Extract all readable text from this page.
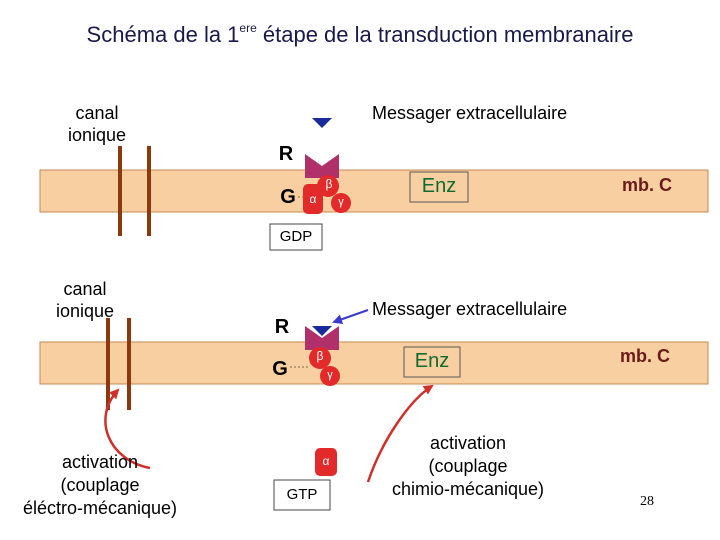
Schéma de la 1ere étape de la transduction membranaire
canal
ionique
Messager extracellulaire
R
G α
β
γ
Enz	mb. C
GDP
canal
ionique	Messager extracellulaire
R
G
β
γ
Enz	mb. C
α
GTP
activation
(couplage
éléctro-mécanique)
activation
(couplage
chimio-mécanique)
28
